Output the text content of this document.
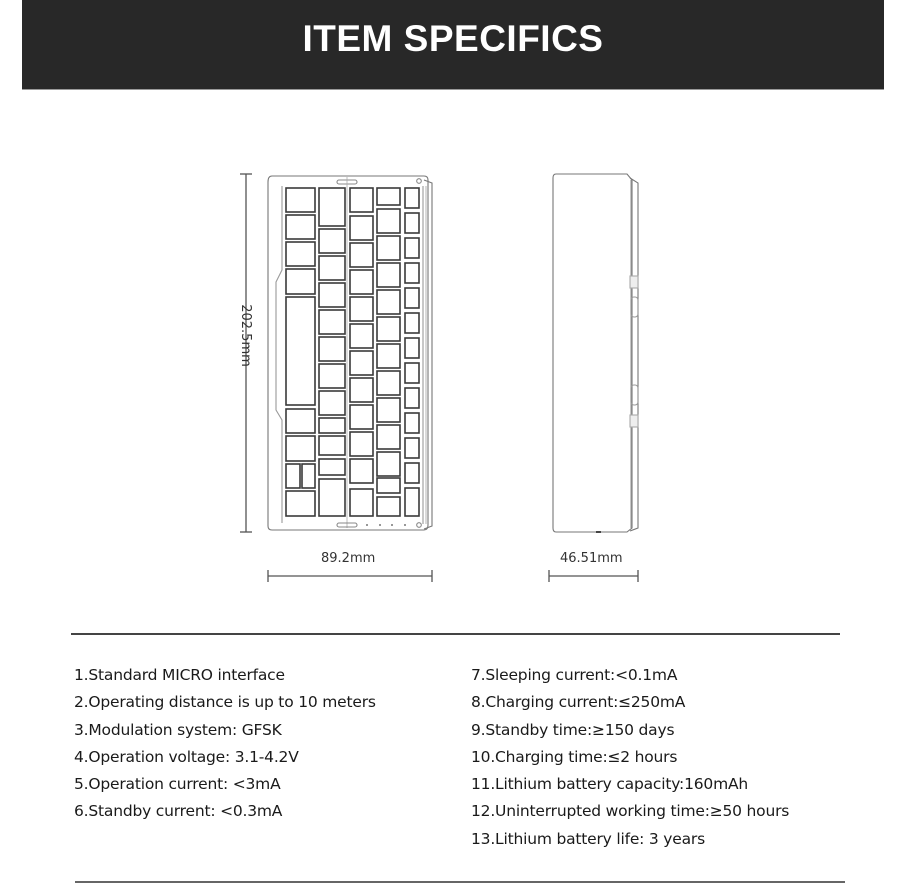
ITEM SPECIFICS
202.5mm
89.2mm	46.51mm
1.Standard MICRO interface
2.Operating distance is up to 10 meters
3.Modulation system: GFSK
4.Operation voltage: 3.1-4.2V
5.Operation current: <3mA
6.Standby current: <0.3mA
7.Sleeping current:<0.1mA
8.Charging current:≤250mA
9.Standby time:≥150 days
10.Charging time:≤2 hours
11.Lithium battery capacity:160mAh
12.Uninterrupted working time:≥50 hours
13.Lithium battery life: 3 years
